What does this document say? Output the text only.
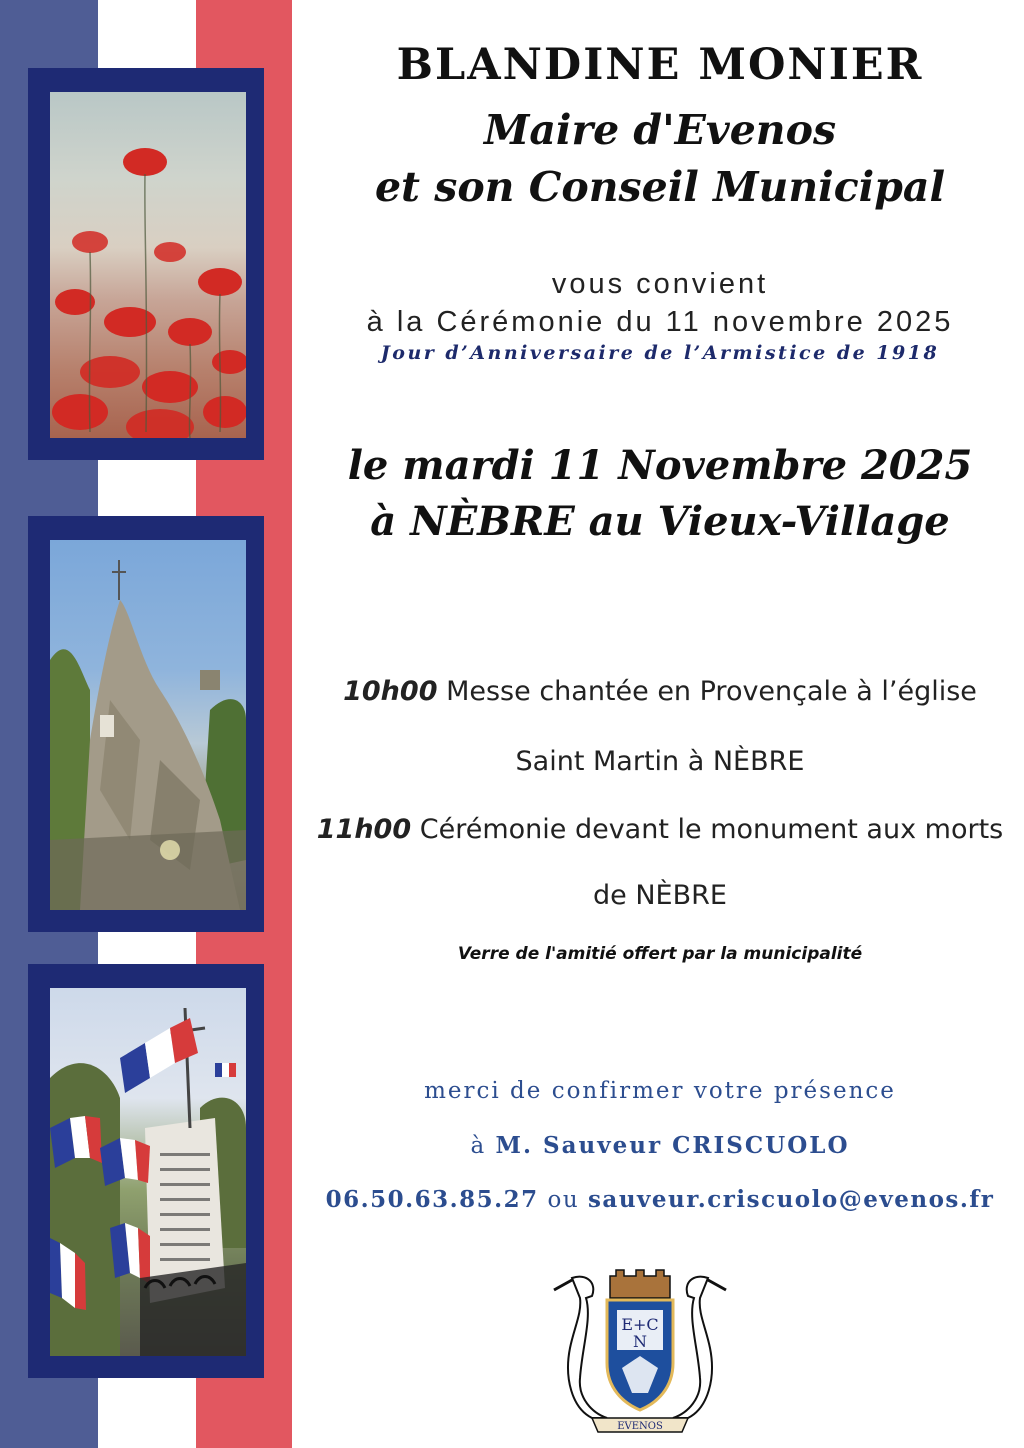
BLANDINE MONIER
Maire d'Evenos
et son Conseil Municipal
vous convient
à la Cérémonie du 11 novembre 2025
Jour d’Anniversaire de l’Armistice de 1918
le mardi 11 Novembre 2025
à NÈBRE au Vieux-Village
10h00 Messe chantée en Provençale à l’église
Saint Martin à NÈBRE
11h00 Cérémonie devant le monument aux morts
de NÈBRE
Verre de l'amitié offert par la municipalité
merci de confirmer votre présence
à M. Sauveur CRISCUOLO
06.50.63.85.27 ou sauveur.criscuolo@evenos.fr
E+C
N
EVENOS
